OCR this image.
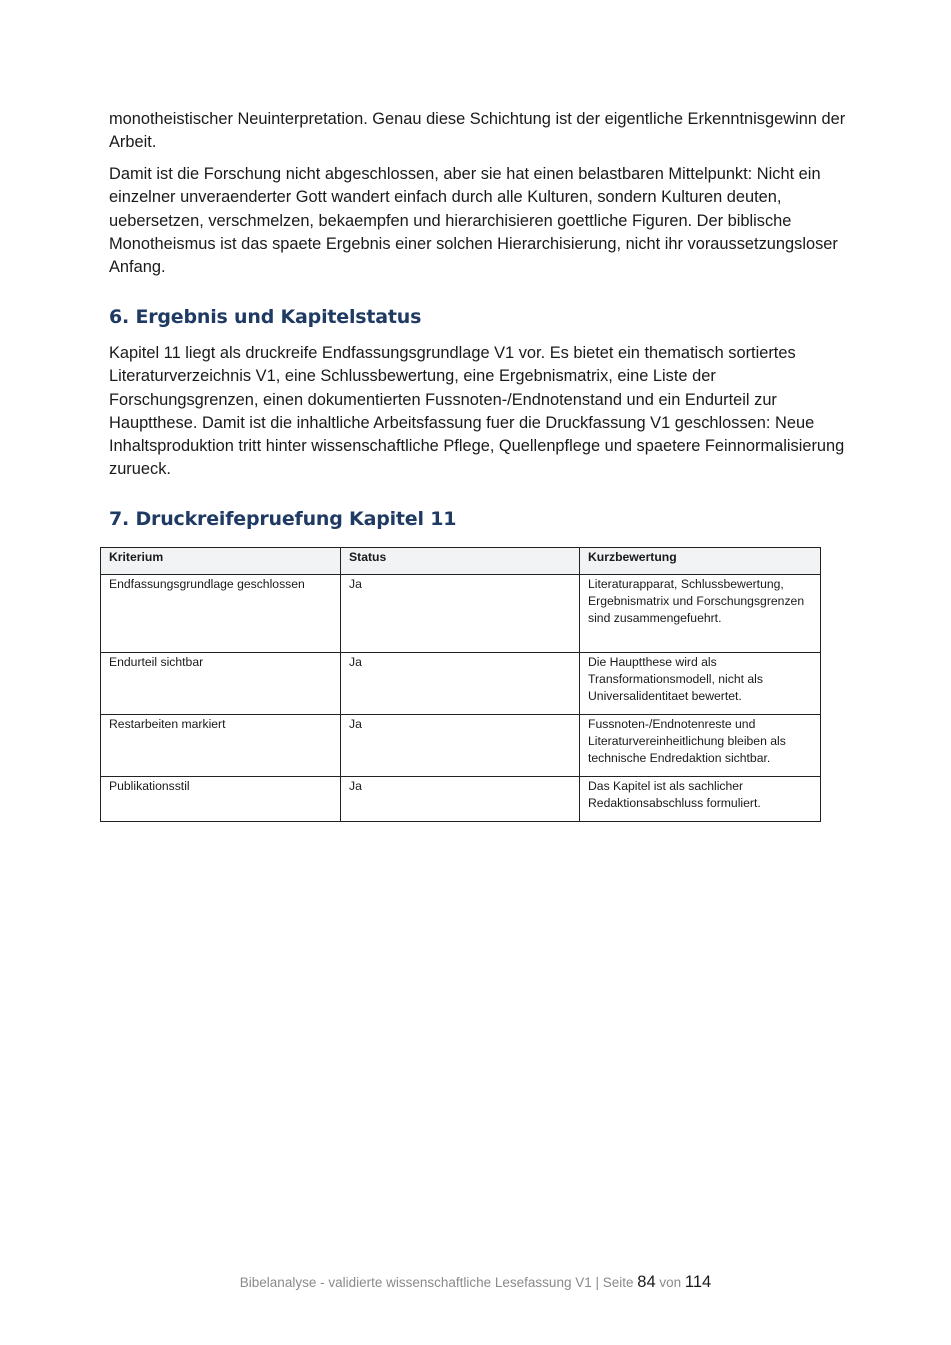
monotheistischer Neuinterpretation. Genau diese Schichtung ist der eigentliche Erkenntnisgewinn der Arbeit.

Damit ist die Forschung nicht abgeschlossen, aber sie hat einen belastbaren Mittelpunkt: Nicht ein einzelner unveraenderter Gott wandert einfach durch alle Kulturen, sondern Kulturen deuten, uebersetzen, verschmelzen, bekaempfen und hierarchisieren goettliche Figuren. Der biblische Monotheismus ist das spaete Ergebnis einer solchen Hierarchisierung, nicht ihr voraussetzungsloser Anfang.

6. Ergebnis und Kapitelstatus

Kapitel 11 liegt als druckreife Endfassungsgrundlage V1 vor. Es bietet ein thematisch sortiertes Literaturverzeichnis V1, eine Schlussbewertung, eine Ergebnismatrix, eine Liste der Forschungsgrenzen, einen dokumentierten Fussnoten-/Endnotenstand und ein Endurteil zur Hauptthese. Damit ist die inhaltliche Arbeitsfassung fuer die Druckfassung V1 geschlossen: Neue Inhaltsproduktion tritt hinter wissenschaftliche Pflege, Quellenpflege und spaetere Feinnormalisierung zurueck.

7. Druckreifepruefung Kapitel 11
Kriterium	Status	Kurzbewertung
Endfassungsgrundlage geschlossen	Ja	Literaturapparat, Schlussbewertung, Ergebnismatrix und Forschungsgrenzen sind zusammengefuehrt.
Endurteil sichtbar	Ja	Die Hauptthese wird als Transformationsmodell, nicht als Universalidentitaet bewertet.
Restarbeiten markiert	Ja	Fussnoten-/Endnotenreste und Literaturvereinheitlichung bleiben als technische Endredaktion sichtbar.
Publikationsstil	Ja	Das Kapitel ist als sachlicher Redaktionsabschluss formuliert.
Bibelanalyse - validierte wissenschaftliche Lesefassung V1 | Seite 84 von 114
